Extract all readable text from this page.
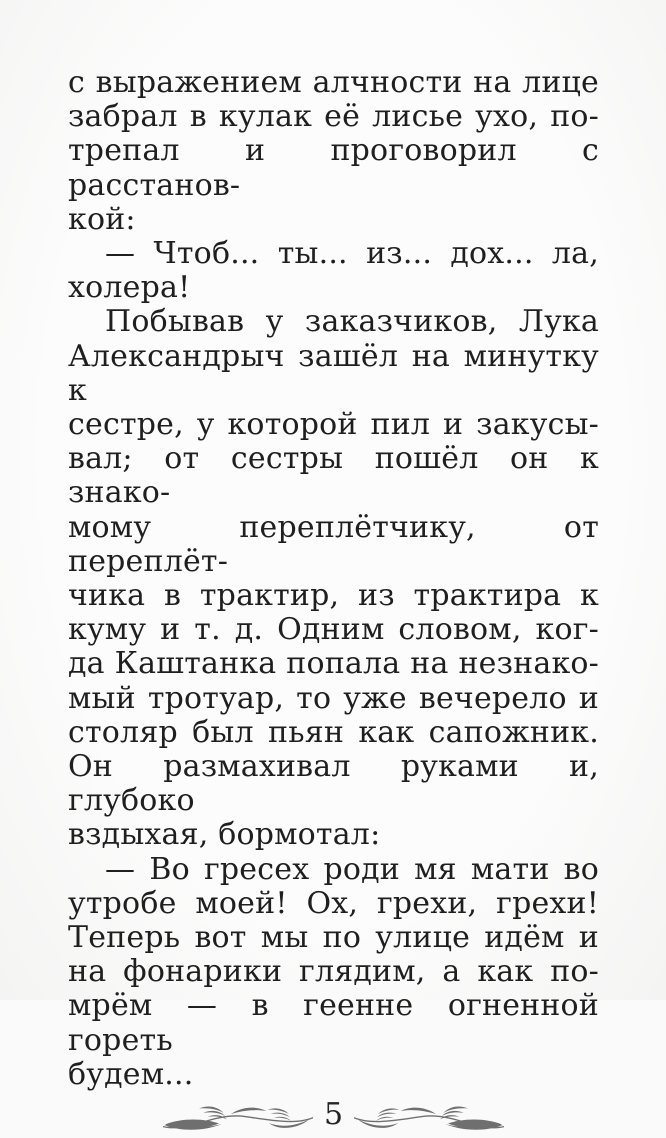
с выражением алчности на лице
забрал в кулак её лисье ухо, по-
трепал и проговорил с расстанов-
кой:
— Чтоб... ты... из... дох... ла,
холера!
Побывав у заказчиков, Лука
Александрыч зашёл на минутку к
сестре, у которой пил и закусы-
вал; от сестры пошёл он к знако-
мому переплётчику, от переплёт-
чика в трактир, из трактира к
куму и т. д. Одним словом, ког-
да Каштанка попала на незнако-
мый тротуар, то уже вечерело и
столяр был пьян как сапожник.
Он размахивал руками и, глубоко
вздыхая, бормотал:
— Во гресех роди мя мати во
утробе моей! Ох, грехи, грехи!
Теперь вот мы по улице идём и
на фонарики глядим, а как по-
мрём — в геенне огненной гореть
будем...
5
